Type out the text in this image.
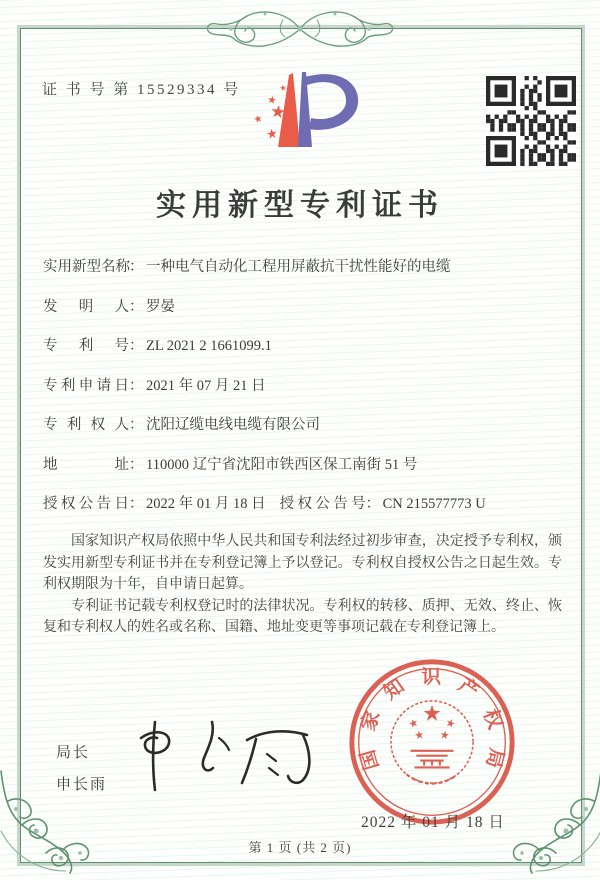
证 书 号 第 15529334 号
实用新型专利证书
实用新型名称： 一种电气自动化工程用屏蔽抗干扰性能好的电缆
发明人： 罗晏
专利号： ZL 2021 2 1661099.1
专利申请日： 2021 年 07 月 21 日
专利权人： 沈阳辽缆电线电缆有限公司
地址： 110000 辽宁省沈阳市铁西区保工南街 51 号
授权公告日： 2022 年 01 月 18 日 授权公告号： CN 215577773 U

国家知识产权局依照中华人民共和国专利法经过初步审查，决定授予专利权，颁发实用新型专利证书并在专利登记簿上予以登记。专利权自授权公告之日起生效。专利权期限为十年，自申请日起算。

专利证书记载专利权登记时的法律状况。专利权的转移、质押、无效、终止、恢复和专利权人的姓名或名称、国籍、地址变更等事项记载在专利登记簿上。

局长
申长雨
国家知识产权局
2022 年 01 月 18 日
第 1 页 (共 2 页)
